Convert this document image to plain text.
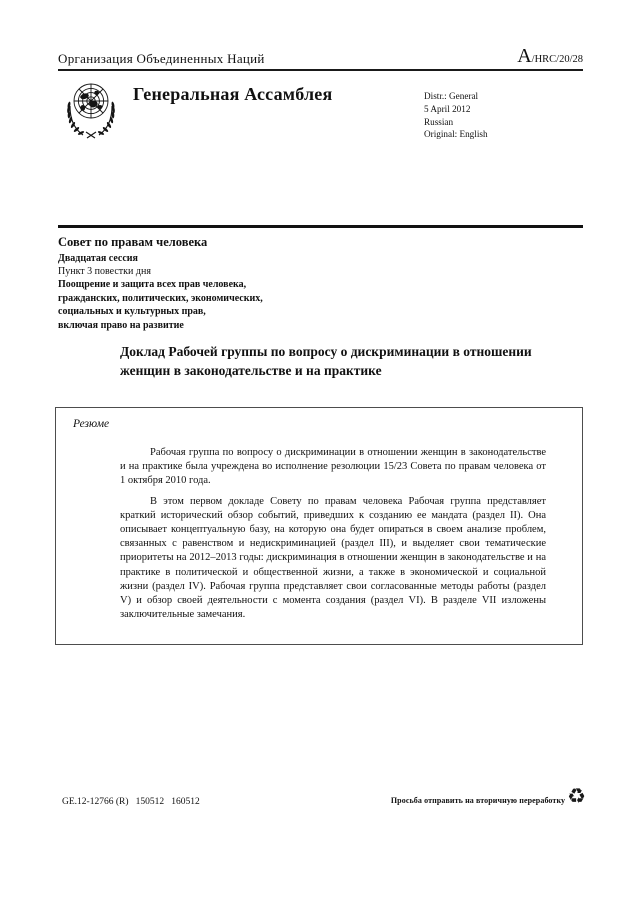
Организация Объединенных Наций	A/HRC/20/28
Генеральная Ассамблея	Distr.: General
5 April 2012
Russian
Original: English
Совет по правам человека
Двадцатая сессия
Пункт 3 повестки дня
Поощрение и защита всех прав человека,
гражданских, политических, экономических,
социальных и культурных прав,
включая право на развитие
Доклад Рабочей группы по вопросу о дискриминации в отношении женщин в законодательстве и на практике
Резюме

Рабочая группа по вопросу о дискриминации в отношении женщин в законодательстве и на практике была учреждена во исполнение резолюции 15/23 Совета по правам человека от 1 октября 2010 года.

В этом первом докладе Совету по правам человека Рабочая группа представляет краткий исторический обзор событий, приведших к созданию ее мандата (раздел II). Она описывает концептуальную базу, на которую она будет опираться в своем анализе проблем, связанных с равенством и недискриминацией (раздел III), и выделяет свои тематические приоритеты на 2012–2013 годы: дискриминация в отношении женщин в законодательстве и на практике в политической и общественной жизни, а также в экономической и социальной жизни (раздел IV). Рабочая группа представляет свои согласованные методы работы (раздел V) и обзор своей деятельности с момента создания (раздел VI). В разделе VII изложены заключительные замечания.

GE.12-12766 (R)   150512   160512	Просьба отправить на вторичную переработку ♻
